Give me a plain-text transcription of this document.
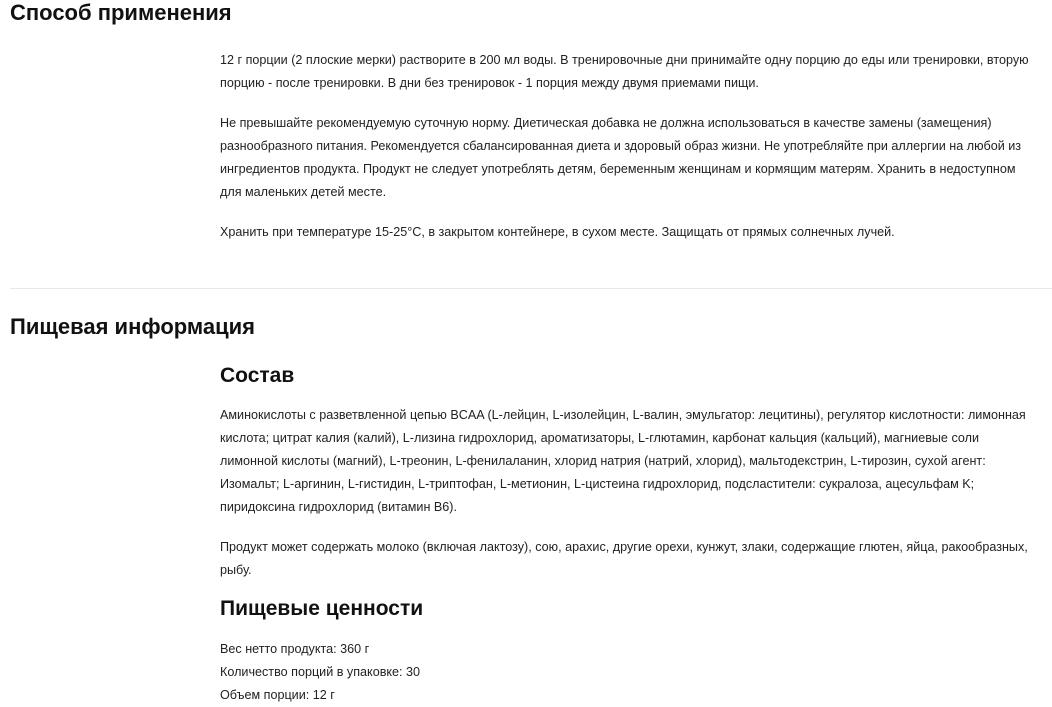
Способ применения

12 г порции (2 плоские мерки) растворите в 200 мл воды. В тренировочные дни принимайте одну порцию до еды или тренировки, вторую порцию - после тренировки. В дни без тренировок - 1 порция между двумя приемами пищи.

Не превышайте рекомендуемую суточную норму. Диетическая добавка не должна использоваться в качестве замены (замещения) разнообразного питания. Рекомендуется сбалансированная диета и здоровый образ жизни. Не употребляйте при аллергии на любой из ингредиентов продукта. Продукт не следует употреблять детям, беременным женщинам и кормящим матерям. Хранить в недоступном для маленьких детей месте.

Хранить при температуре 15-25°C, в закрытом контейнере, в сухом месте. Защищать от прямых солнечных лучей.

Пищевая информация
Состав

Аминокислоты с разветвленной цепью BCAA (L-лейцин, L-изолейцин, L-валин, эмульгатор: лецитины), регулятор кислотности: лимонная кислота; цитрат калия (калий), L-лизина гидрохлорид, ароматизаторы, L-глютамин, карбонат кальция (кальций), магниевые соли лимонной кислоты (магний), L-треонин, L-фенилаланин, хлорид натрия (натрий, хлорид), мальтодекстрин, L-тирозин, сухой агент: Изомальт; L-аргинин, L-гистидин, L-триптофан, L-метионин, L-цистеина гидрохлорид, подсластители: сукралоза, ацесульфам K; пиридоксина гидрохлорид (витамин B6).

Продукт может содержать молоко (включая лактозу), сою, арахис, другие орехи, кунжут, злаки, содержащие глютен, яйца, ракообразных, рыбу.

Пищевые ценности

Вес нетто продукта: 360 г

Количество порций в упаковке: 30

Объем порции: 12 г
